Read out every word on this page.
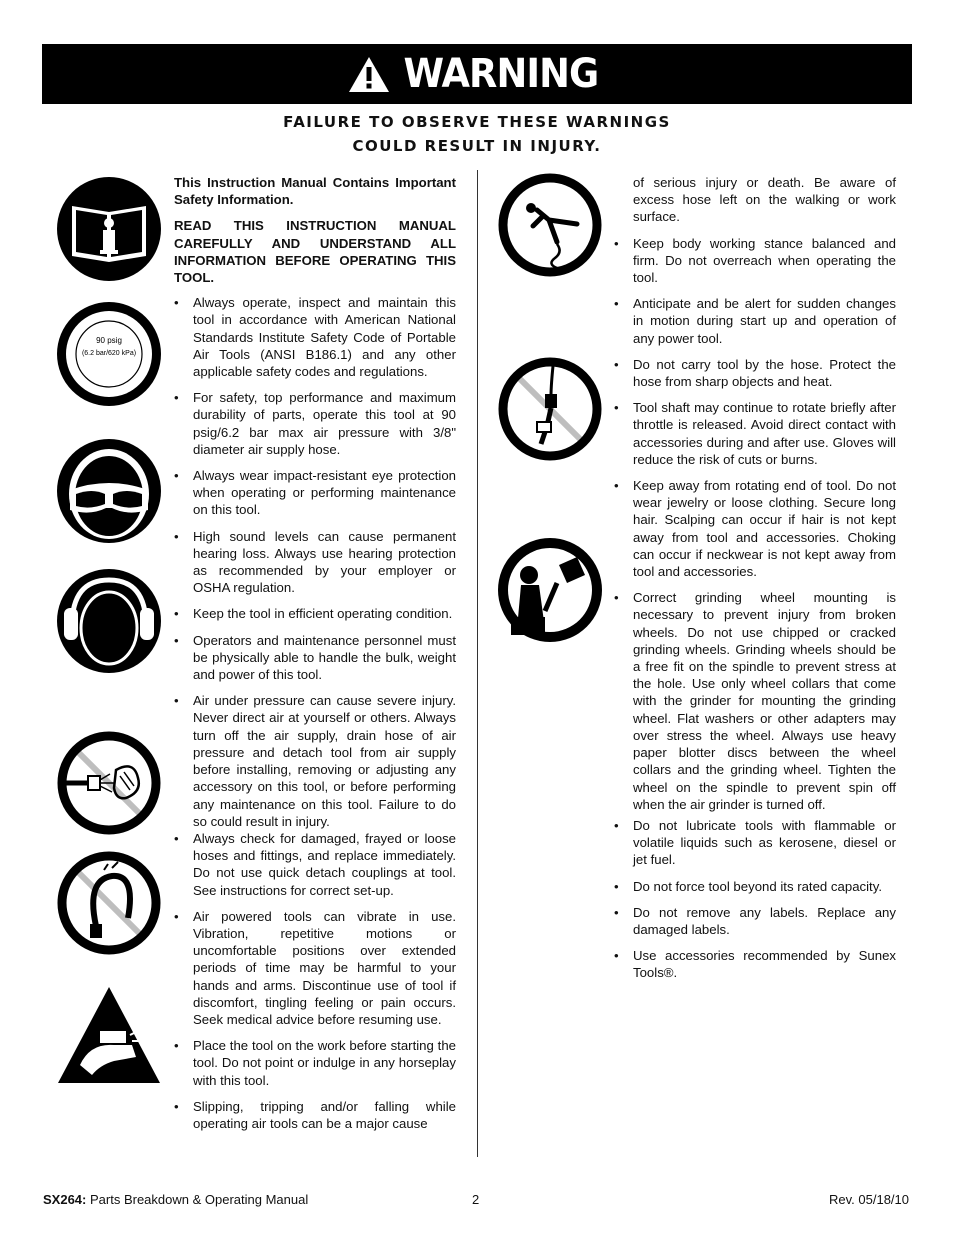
WARNING
FAILURE TO OBSERVE THESE WARNINGS
COULD RESULT IN INJURY.

This Instruction Manual Contains Important Safety Information.

READ THIS INSTRUCTION MANUAL CAREFULLY AND UNDERSTAND ALL INFORMATION BEFORE OPERATING THIS TOOL.

• Always operate, inspect and maintain this tool in accordance with American National Standards Institute Safety Code of Portable Air Tools (ANSI B186.1) and any other applicable safety codes and regulations.
• For safety, top performance and maximum durability of parts, operate this tool at 90 psig/6.2 bar max air pressure with 3/8" diameter air supply hose.
• Always wear impact-resistant eye protection when operating or performing maintenance on this tool.
• High sound levels can cause permanent hearing loss. Always use hearing protection as recommended by your employer or OSHA regulation.
• Keep the tool in efficient operating condition.
• Operators and maintenance personnel must be physically able to handle the bulk, weight and power of this tool.
• Air under pressure can cause severe injury. Never direct air at yourself or others. Always turn off the air supply, drain hose of air pressure and detach tool from air supply before installing, removing or adjusting any accessory on this tool, or before performing any maintenance on this tool. Failure to do so could result in injury.
• Always check for damaged, frayed or loose hoses and fittings, and replace immediately. Do not use quick detach couplings at tool. See instructions for correct set-up.
• Air powered tools can vibrate in use. Vibration, repetitive motions or uncomfortable positions over extended periods of time may be harmful to your hands and arms. Discontinue use of tool if discomfort, tingling feeling or pain occurs. Seek medical advice before resuming use.
• Place the tool on the work before starting the tool. Do not point or indulge in any horseplay with this tool.
• Slipping, tripping and/or falling while operating air tools can be a major cause
of serious injury or death. Be aware of excess hose left on the walking or work surface.
• Keep body working stance balanced and firm. Do not overreach when operating the tool.
• Anticipate and be alert for sudden changes in motion during start up and operation of any power tool.
• Do not carry tool by the hose. Protect the hose from sharp objects and heat.
• Tool shaft may continue to rotate briefly after throttle is released. Avoid direct contact with accessories during and after use. Gloves will reduce the risk of cuts or burns.
• Keep away from rotating end of tool. Do not wear jewelry or loose clothing. Secure long hair. Scalping can occur if hair is not kept away from tool and accessories. Choking can occur if neckwear is not kept away from tool and accessories.
• Correct grinding wheel mounting is necessary to prevent injury from broken wheels. Do not use chipped or cracked grinding wheels. Grinding wheels should be a free fit on the spindle to prevent stress at the hole. Use only wheel collars that come with the grinder for mounting the grinding wheel. Flat washers or other adapters may over stress the wheel. Always use heavy paper blotter discs between the wheel collars and the grinding wheel. Tighten the wheel on the spindle to prevent spin off when the air grinder is turned off.
• Do not lubricate tools with flammable or volatile liquids such as kerosene, diesel or jet fuel.
• Do not force tool beyond its rated capacity.
• Do not remove any labels. Replace any damaged labels.
• Use accessories recommended by Sunex Tools®.
90 psig
(6.2 bar/620 kPa)
SX264: Parts Breakdown & Operating Manual	2	Rev. 05/18/10
